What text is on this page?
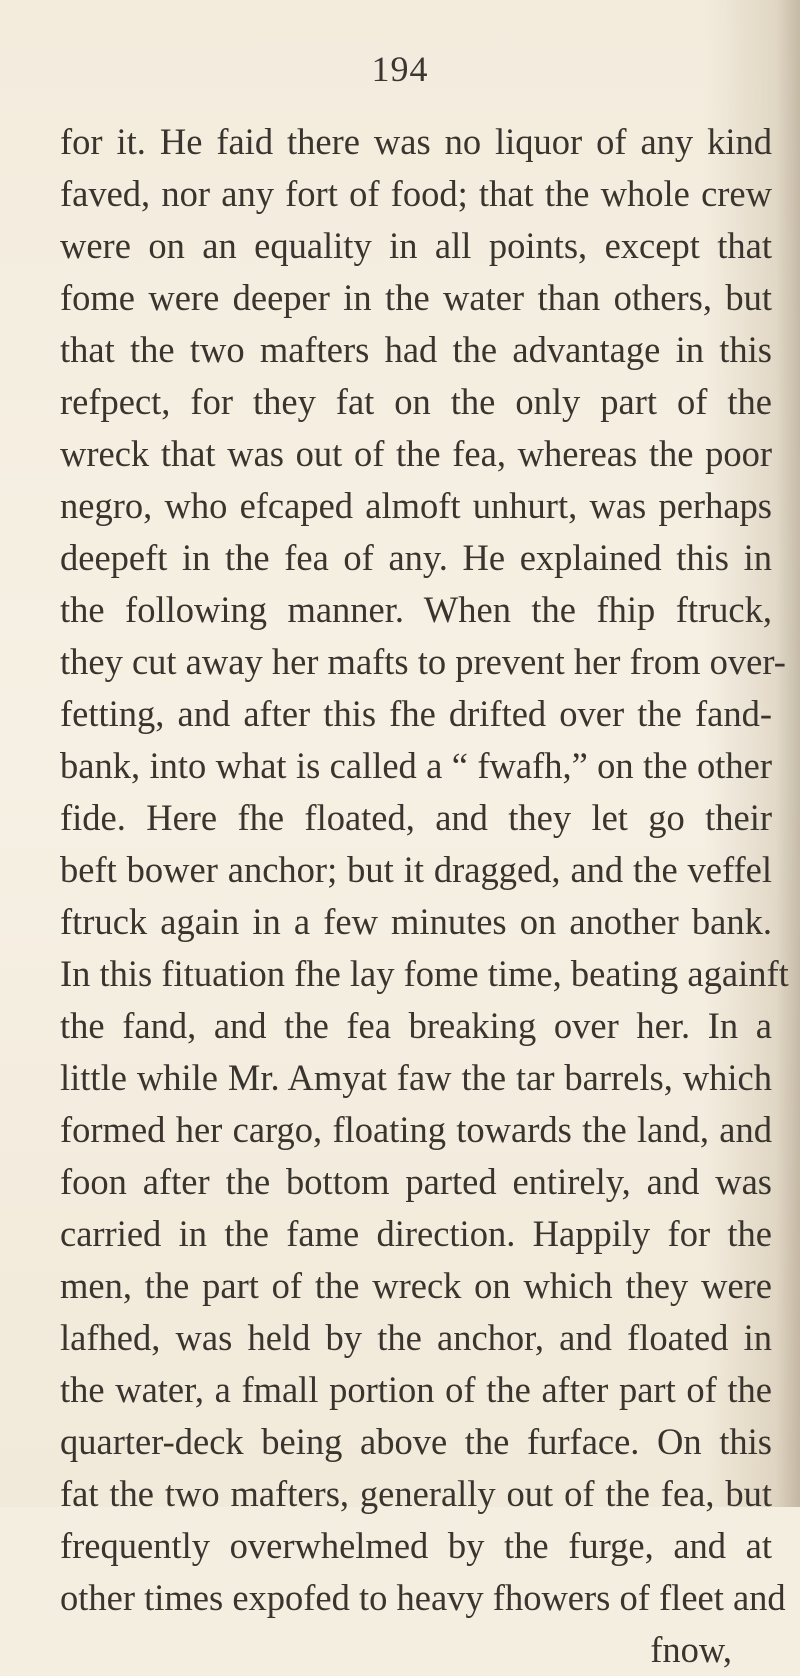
194
for it. He faid there was no liquor of any kind
faved, nor any fort of food; that the whole crew
were on an equality in all points, except that
fome were deeper in the water than others, but
that the two mafters had the advantage in this
refpect, for they fat on the only part of the
wreck that was out of the fea, whereas the poor
negro, who efcaped almoft unhurt, was perhaps
deepeft in the fea of any. He explained this in
the following manner. When the fhip ftruck,
they cut away her mafts to prevent her from over-
fetting, and after this fhe drifted over the fand-
bank, into what is called a “ fwafh,” on the other
fide. Here fhe floated, and they let go their
beft bower anchor; but it dragged, and the veffel
ftruck again in a few minutes on another bank.
In this fituation fhe lay fome time, beating againft
the fand, and the fea breaking over her. In a
little while Mr. Amyat faw the tar barrels, which
formed her cargo, floating towards the land, and
foon after the bottom parted entirely, and was
carried in the fame direction. Happily for the
men, the part of the wreck on which they were
lafhed, was held by the anchor, and floated in
the water, a fmall portion of the after part of the
quarter-deck being above the furface. On this
fat the two mafters, generally out of the fea, but
frequently overwhelmed by the furge, and at
other times expofed to heavy fhowers of fleet and
fnow,
